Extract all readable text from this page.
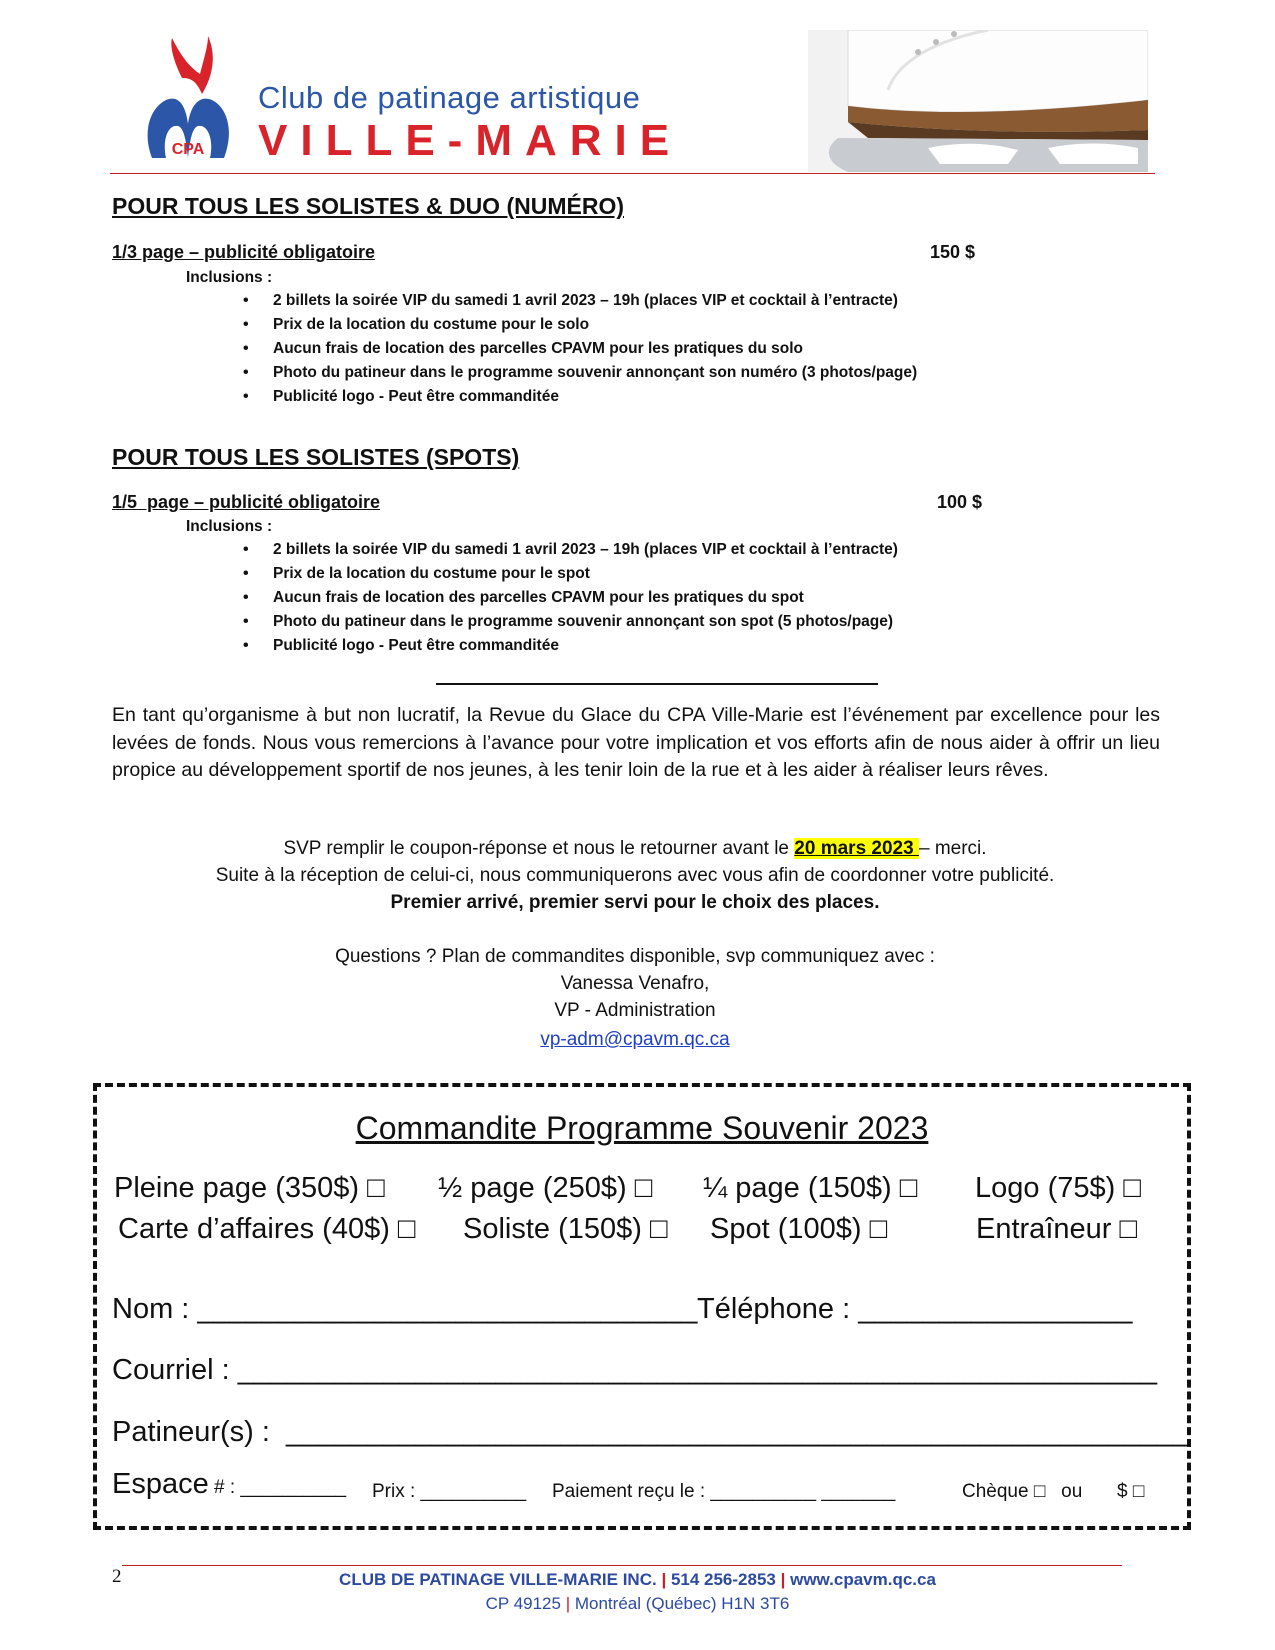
CPA
Club de patinage artistique
VILLE-MARIE
POUR TOUS LES SOLISTES & DUO (NUMÉRO)
1/3 page – publicité obligatoire	150 $
Inclusions :
• 2 billets la soirée VIP du samedi 1 avril 2023 – 19h (places VIP et cocktail à l’entracte)
• Prix de la location du costume pour le solo
• Aucun frais de location des parcelles CPAVM pour les pratiques du solo
• Photo du patineur dans le programme souvenir annonçant son numéro (3 photos/page)
• Publicité logo - Peut être commanditée
POUR TOUS LES SOLISTES (SPOTS)
1/5  page – publicité obligatoire	100 $
Inclusions :
• 2 billets la soirée VIP du samedi 1 avril 2023 – 19h (places VIP et cocktail à l’entracte)
• Prix de la location du costume pour le spot
• Aucun frais de location des parcelles CPAVM pour les pratiques du spot
• Photo du patineur dans le programme souvenir annonçant son spot (5 photos/page)
• Publicité logo - Peut être commanditée
En tant qu’organisme à but non lucratif, la Revue du Glace du CPA Ville-Marie est l’événement par excellence pour les levées de fonds. Nous vous remercions à l’avance pour votre implication et vos efforts afin de nous aider à offrir un lieu propice au développement sportif de nos jeunes, à les tenir loin de la rue et à les aider à réaliser leurs rêves.
SVP remplir le coupon-réponse et nous le retourner avant le 20 mars 2023 – merci.
Suite à la réception de celui-ci, nous communiquerons avec vous afin de coordonner votre publicité.
Premier arrivé, premier servi pour le choix des places.
Questions ? Plan de commandites disponible, svp communiquez avec :
Vanessa Venafro,
VP - Administration
vp-adm@cpavm.qc.ca
Commandite Programme Souvenir 2023
Pleine page (350$) □ ½ page (250$) □ ¼ page (150$) □ Logo (75$) □
Carte d’affaires (40$) □ Soliste (150$) □ Spot (100$) □	Entraîneur □
Nom : _______________________________ Téléphone : _________________
Courriel : _________________________________________________________
Patineur(s) :  ________________________________________________________
Espace # : __________ Prix : __________ Paiement reçu le : __________ _______	Chèque □   ou $ □
2	CLUB DE PATINAGE VILLE-MARIE INC. | 514 256-2853 | www.cpavm.qc.ca
CP 49125 | Montréal (Québec) H1N 3T6
